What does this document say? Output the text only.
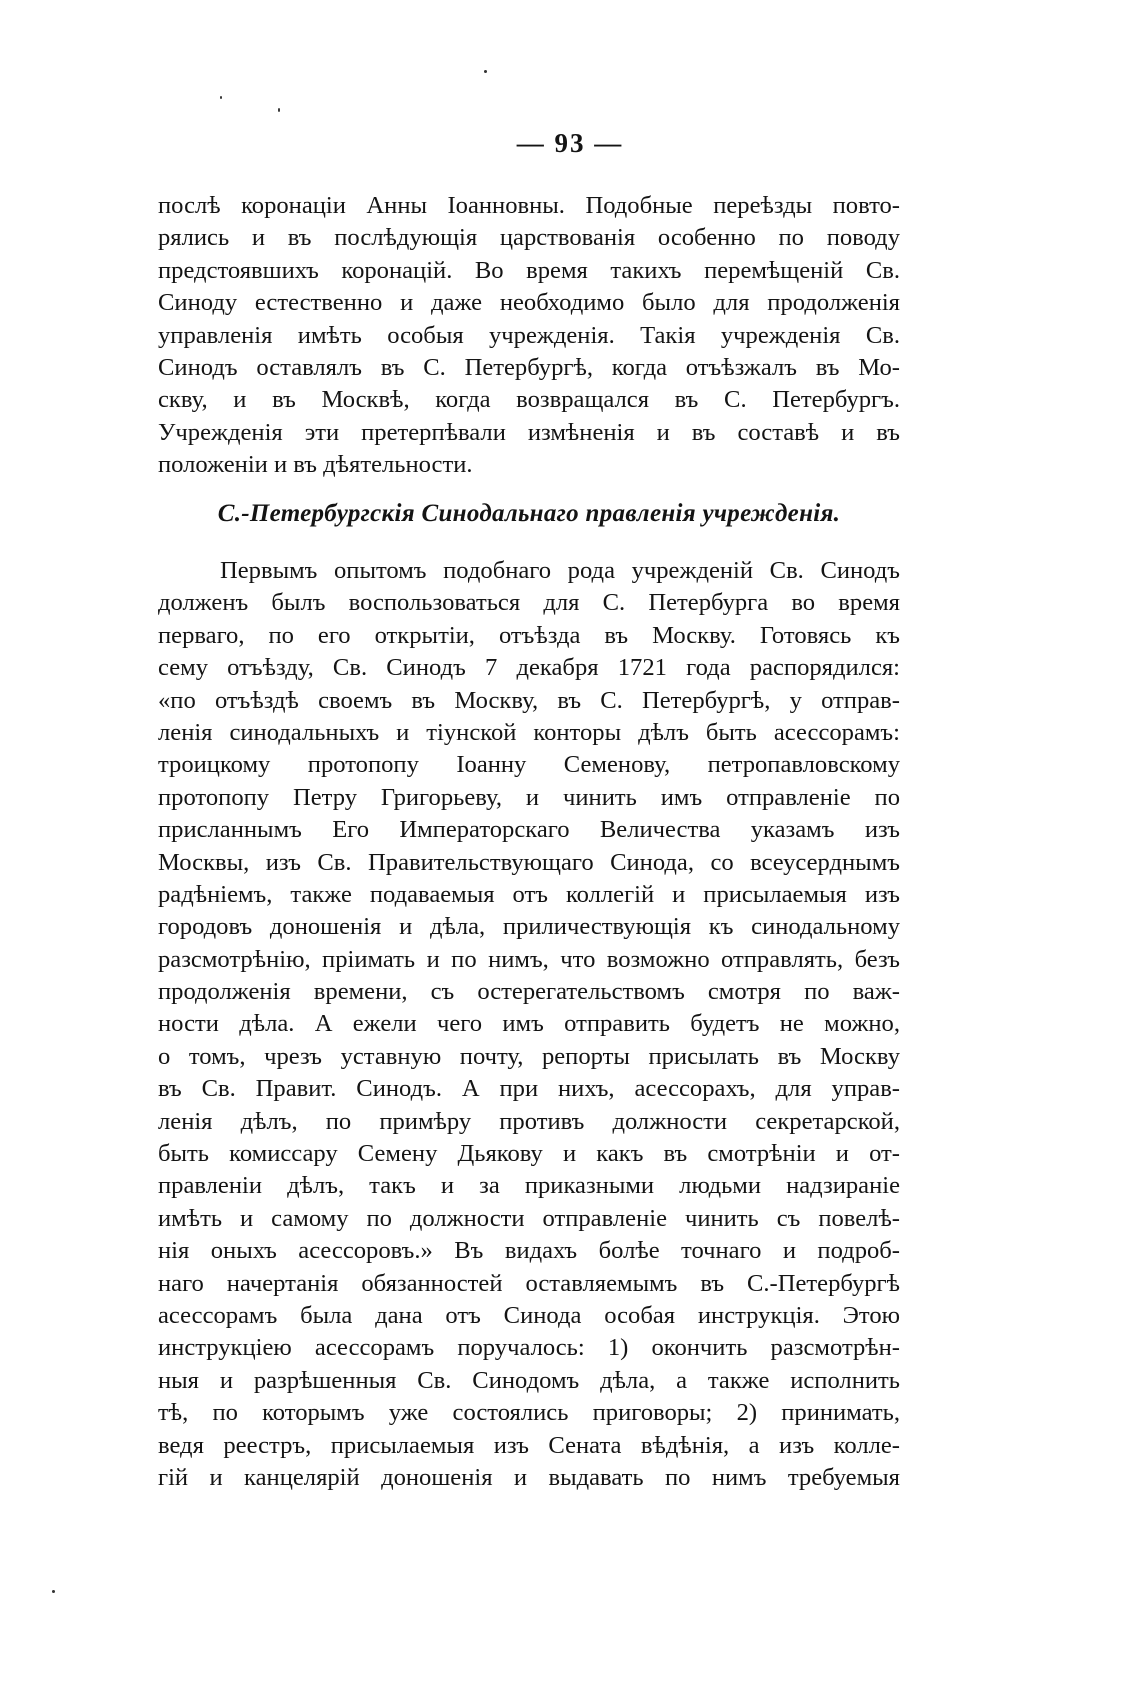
— 93 —
послѣ коронаціи Анны Іоанновны. Подобные переѣзды повто-
рялись и въ послѣдующія царствованія особенно по поводу
предстоявшихъ коронацій. Во время такихъ перемѣщеній Св.
Синоду естественно и даже необходимо было для продолженія
управленія имѣть особыя учрежденія. Такія учрежденія Св.
Синодъ оставлялъ въ С. Петербургѣ, когда отъѣзжалъ въ Мо-
скву, и въ Москвѣ, когда возвращался въ С. Петербургъ.
Учрежденія эти претерпѣвали измѣненія и въ составѣ и въ
положеніи и въ дѣятельности.
С.-Петербургскія Синодальнаго правленія учрежденія.
Первымъ опытомъ подобнаго рода учрежденій Св. Синодъ
долженъ былъ воспользоваться для С. Петербурга во время
перваго, по его открытіи, отъѣзда въ Москву. Готовясь къ
сему отъѣзду, Св. Синодъ 7 декабря 1721 года распорядился:
«по отъѣздѣ своемъ въ Москву, въ С. Петербургѣ, у отправ-
ленія синодальныхъ и тіунской конторы дѣлъ быть асессорамъ:
троицкому протопопу Іоанну Семенову, петропавловскому
протопопу Петру Григорьеву, и чинить имъ отправленіе по
присланнымъ Его Императорскаго Величества указамъ изъ
Москвы, изъ Св. Правительствующаго Синода, со всеусерднымъ
радѣніемъ, также подаваемыя отъ коллегій и присылаемыя изъ
городовъ доношенія и дѣла, приличествующія къ синодальному
разсмотрѣнію, пріимать и по нимъ, что возможно отправлять, безъ
продолженія времени, съ остерегательствомъ смотря по важ-
ности дѣла. А ежели чего имъ отправить будетъ не можно,
о томъ, чрезъ уставную почту, репорты присылать въ Москву
въ Св. Правит. Синодъ. А при нихъ, асессорахъ, для управ-
ленія дѣлъ, по примѣру противъ должности секретарской,
быть комиссару Семену Дьякову и какъ въ смотрѣніи и от-
правленіи дѣлъ, такъ и за приказными людьми надзираніе
имѣть и самому по должности отправленіе чинить съ повелѣ-
нія оныхъ асессоровъ.» Въ видахъ болѣе точнаго и подроб-
наго начертанія обязанностей оставляемымъ въ С.-Петербургѣ
асессорамъ была дана отъ Синода особая инструкція. Этою
инструкціею асессорамъ поручалось: 1) окончить разсмотрѣн-
ныя и разрѣшенныя Св. Синодомъ дѣла, а также исполнить
тѣ, по которымъ уже состоялись приговоры; 2) принимать,
ведя реестръ, присылаемыя изъ Сената вѣдѣнія, а изъ колле-
гій и канцелярій доношенія и выдавать по нимъ требуемыя
